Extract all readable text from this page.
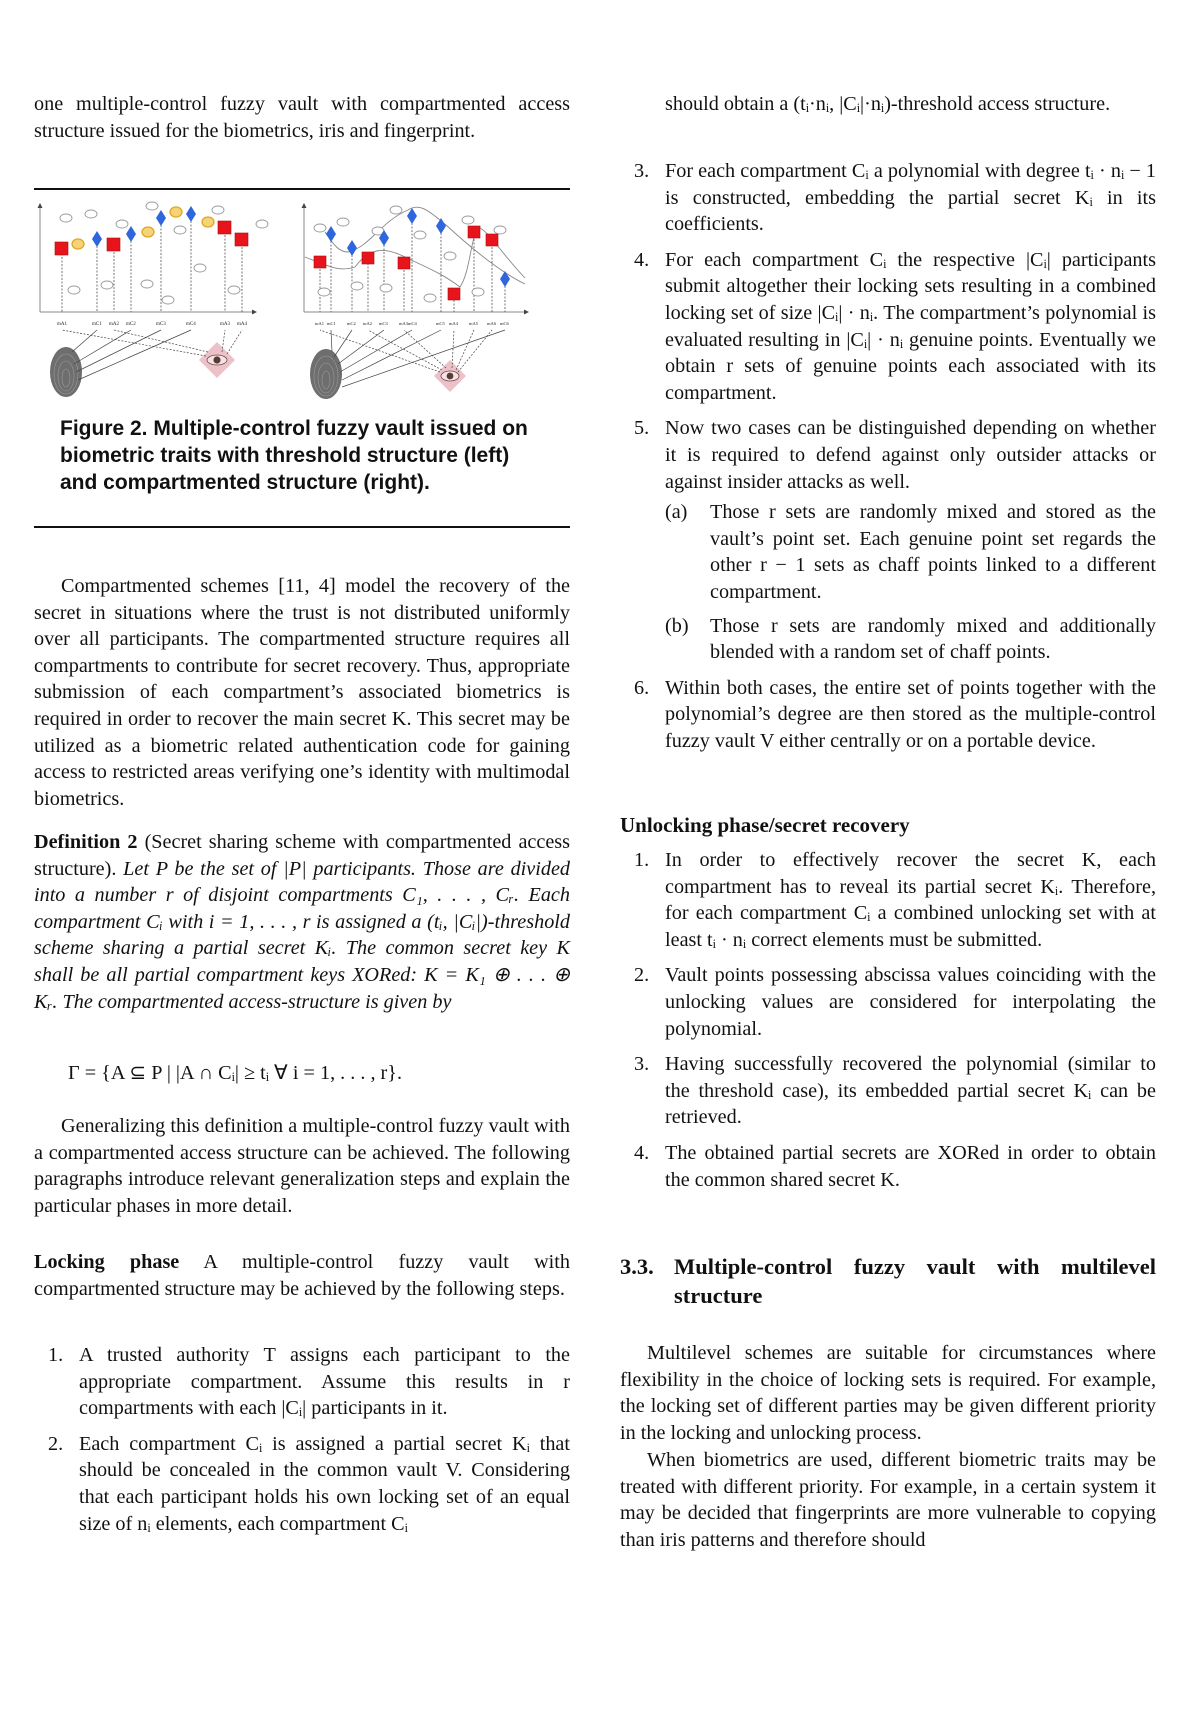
one multiple-control fuzzy vault with compartmented access structure issued for the biometrics, iris and fingerprint.

mA1	mC1 mA2 mC2	mC3	mC4	mA3 mA4	mA1 mC1 mC2 mA2 mC3 mA3 mC4	mC5 mA4 mA5 mA6 mC6

Figure 2. Multiple-control fuzzy vault issued on biometric traits with threshold structure (left) and compartmented structure (right).

Compartmented schemes [11, 4] model the recovery of the secret in situations where the trust is not distributed uniformly over all participants. The compartmented structure requires all compartments to contribute for secret recovery. Thus, appropriate submission of each compartment’s associated biometrics is required in order to recover the main secret K. This secret may be utilized as a biometric related authentication code for gaining access to restricted areas verifying one’s identity with multimodal biometrics.

Definition 2 (Secret sharing scheme with compartmented access structure). Let P be the set of |P| participants. Those are divided into a number r of disjoint compartments C₁, . . . , Cᵣ. Each compartment Cᵢ with i = 1, . . . , r is assigned a (tᵢ, |Cᵢ|)-threshold scheme sharing a partial secret Kᵢ. The common secret key K shall be all partial compartment keys XORed: K = K₁ ⊕ . . . ⊕ Kᵣ. The compartmented access-structure is given by

Γ = {A ⊆ P | |A ∩ Cᵢ| ≥ tᵢ ∀ i = 1, . . . , r}.

Generalizing this definition a multiple-control fuzzy vault with a compartmented access structure can be achieved. The following paragraphs introduce relevant generalization steps and explain the particular phases in more detail.

Locking phase A multiple-control fuzzy vault with compartmented structure may be achieved by the following steps.

1. A trusted authority T assigns each participant to the appropriate compartment. Assume this results in r compartments with each |Cᵢ| participants in it.
2. Each compartment Cᵢ is assigned a partial secret Kᵢ that should be concealed in the common vault V. Considering that each participant holds his own locking set of an equal size of nᵢ elements, each compartment Cᵢ

should obtain a (tᵢ·nᵢ, |Cᵢ|·nᵢ)-threshold access structure.

3. For each compartment Cᵢ a polynomial with degree tᵢ · nᵢ − 1 is constructed, embedding the partial secret Kᵢ in its coefficients.
4. For each compartment Cᵢ the respective |Cᵢ| participants submit altogether their locking sets resulting in a combined locking set of size |Cᵢ| · nᵢ. The compartment’s polynomial is evaluated resulting in |Cᵢ| · nᵢ genuine points. Eventually we obtain r sets of genuine points each associated with its compartment.
5. Now two cases can be distinguished depending on whether it is required to defend against only outsider attacks or against insider attacks as well.
(a) Those r sets are randomly mixed and stored as the vault’s point set. Each genuine point set regards the other r − 1 sets as chaff points linked to a different compartment.
(b) Those r sets are randomly mixed and additionally blended with a random set of chaff points.
6. Within both cases, the entire set of points together with the polynomial’s degree are then stored as the multiple-control fuzzy vault V either centrally or on a portable device.

Unlocking phase/secret recovery

1. In order to effectively recover the secret K, each compartment has to reveal its partial secret Kᵢ. Therefore, for each compartment Cᵢ a combined unlocking set with at least tᵢ · nᵢ correct elements must be submitted.
2. Vault points possessing abscissa values coinciding with the unlocking values are considered for interpolating the polynomial.
3. Having successfully recovered the polynomial (similar to the threshold case), its embedded partial secret Kᵢ can be retrieved.
4. The obtained partial secrets are XORed in order to obtain the common shared secret K.
3.3. Multiple-control fuzzy vault with multilevel structure

Multilevel schemes are suitable for circumstances where flexibility in the choice of locking sets is required. For example, the locking set of different parties may be given different priority in the locking and unlocking process.

When biometrics are used, different biometric traits may be treated with different priority. For example, in a certain system it may be decided that fingerprints are more vulnerable to copying than iris patterns and therefore should
